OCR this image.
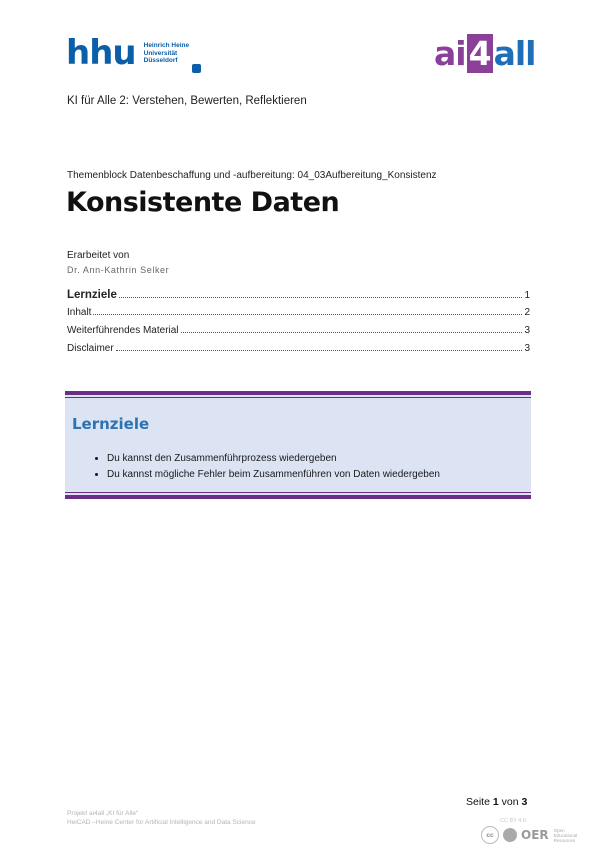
hhu Heinrich Heine
Universität
Düsseldorf	ai4all
KI für Alle 2: Verstehen, Bewerten, Reflektieren
Themenblock Datenbeschaffung und -aufbereitung: 04_03Aufbereitung_Konsistenz
Konsistente Daten
Erarbeitet von
Dr. Ann-Kathrin Selker
Lernziele	1
Inhalt	2
Weiterführendes Material	3
Disclaimer	3
Lernziele
• Du kannst den Zusammenführprozess wiedergeben
• Du kannst mögliche Fehler beim Zusammenführen von Daten wiedergeben
Seite 1 von 3
Projekt ai4all „KI für Alle“
HeiCAD –Heine Center for Artificial Intelligence and Data Science	CC BY 4.0
cc	OER Open
Educational
Resources
